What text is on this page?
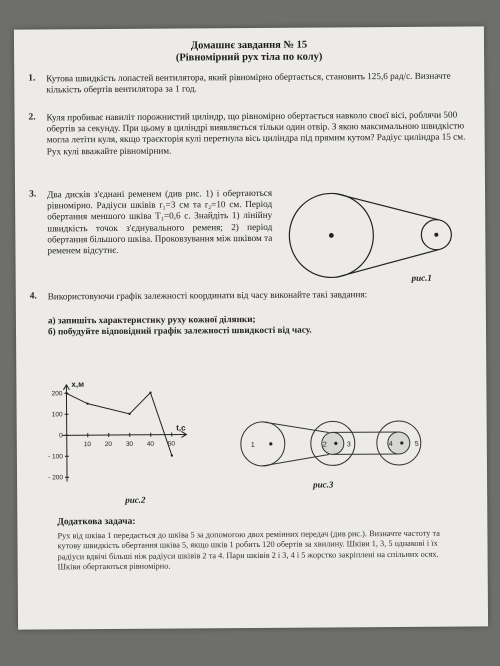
Домашнє завдання № 15
(Рівномірний рух тіла по колу)
1. Кутова швидкість лопастей вентилятора, який рівномірно обертається, становить 125,6 рад/с. Визначте кількість обертів вентилятора за 1 год.
2. Куля пробиває навиліт порожнистий циліндр, що рівномірно обертається навколо своєї вісі, роблячи 500 обертів за секунду. При цьому в циліндрі виявляється тільки один отвір. З якою максимальною швидкістю могла летіти куля, якщо траєкторія кулі перетнула вісь циліндра під прямим кутом? Радіус циліндра 15 см. Рух кулі вважайте рівномірним.
3. Два дисків з'єднані ременем (див рис. 1) і обертаються рівномірно. Радіуси шківів r₁=3 см та r₂=10 см. Період обертання меншого шківа T₁=0,6 с. Знайдіть 1) лінійну швидкість точок з'єднувального ременя; 2) період обертання більшого шківа. Проковзування між шківом та ременем відсутнє.
рис.1
4. Використовуючи графік залежності координати від часу виконайте такі завдання:
а) запишіть характеристику руху кожної ділянки;
б) побудуйте відповідний графік залежності швидкості від часу.
x,м
t,c
10 20 30 40 50
200
100
0
- 100
- 200
рис.2
1	2	3	4	5
рис.3
Додаткова задача:
Рух від шківа 1 передається до шківа 5 за допомогою двох ремінних передач (див рис.). Визначте частоту та кутову швидкість обертання шківа 5, якщо шків 1 робить 120 обертів за хвилину. Шківи 1, 3, 5 однакові і їх радіуси вдвічі більші ніж радіуси шківів 2 та 4. Пари шківів 2 і 3, 4 і 5 жорстко закріплені на спільних осях. Шківи обертаються рівномірно.
